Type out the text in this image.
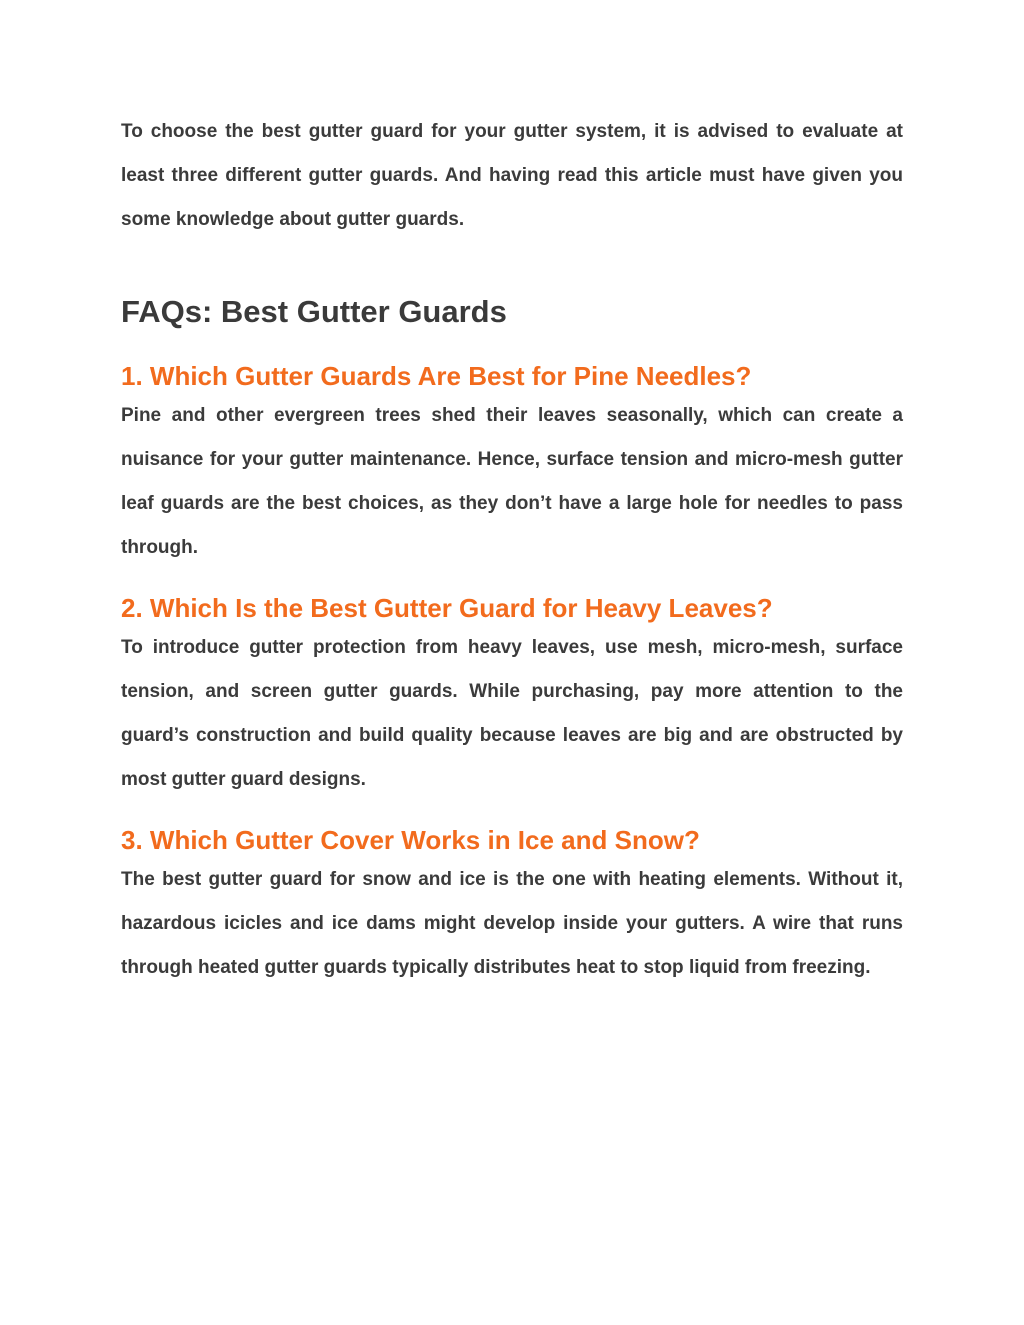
To choose the best gutter guard for your gutter system, it is advised to evaluate at least three different gutter guards. And having read this article must have given you some knowledge about gutter guards.

FAQs: Best Gutter Guards
1. Which Gutter Guards Are Best for Pine Needles?

Pine and other evergreen trees shed their leaves seasonally, which can create a nuisance for your gutter maintenance. Hence, surface tension and micro-mesh gutter leaf guards are the best choices, as they don’t have a large hole for needles to pass through.

2. Which Is the Best Gutter Guard for Heavy Leaves?

To introduce gutter protection from heavy leaves, use mesh, micro-mesh, surface tension, and screen gutter guards. While purchasing, pay more attention to the guard’s construction and build quality because leaves are big and are obstructed by most gutter guard designs.

3. Which Gutter Cover Works in Ice and Snow?

The best gutter guard for snow and ice is the one with heating elements. Without it, hazardous icicles and ice dams might develop inside your gutters. A wire that runs through heated gutter guards typically distributes heat to stop liquid from freezing.
